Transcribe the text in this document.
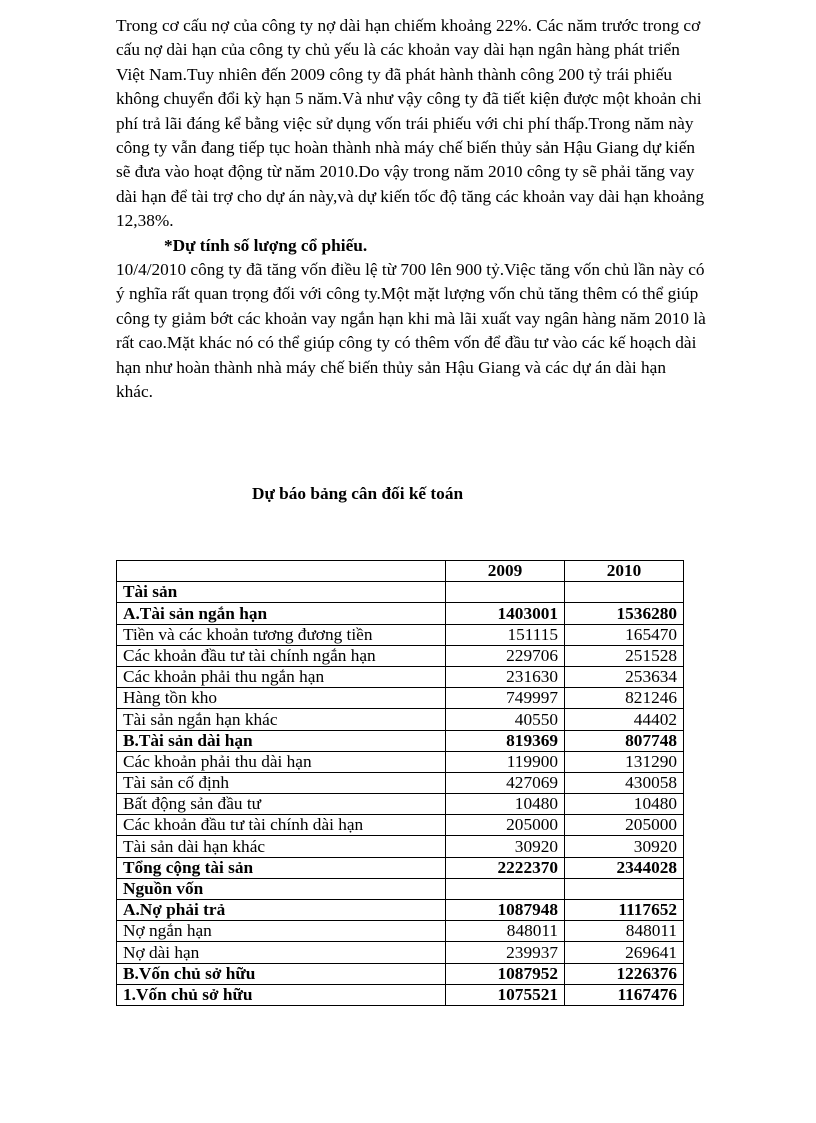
Trong cơ cấu nợ của công ty nợ dài hạn chiếm khoảng 22%. Các năm trước trong cơ cấu nợ dài hạn của công ty chủ yếu là các khoản vay dài hạn ngân hàng phát triển Việt Nam.Tuy nhiên đến 2009 công ty đã phát hành thành công 200 tỷ trái phiếu không chuyển đổi kỳ hạn 5 năm.Và như vậy công ty đã tiết kiện được một khoản chi phí trả lãi đáng kể bằng việc sử dụng vốn trái phiếu với chi phí thấp.Trong năm này công ty vẫn đang tiếp tục hoàn thành nhà máy chế biến thủy sản Hậu Giang dự kiến sẽ đưa vào hoạt động từ năm 2010.Do vậy trong năm 2010 công ty sẽ phải tăng vay dài hạn để tài trợ cho dự án này,và dự kiến tốc độ tăng các khoản vay dài hạn khoảng 12,38%.

*Dự tính số lượng cổ phiếu.

10/4/2010 công ty đã tăng vốn điều lệ từ 700 lên 900 tỷ.Việc tăng vốn chủ lần này có ý nghĩa rất quan trọng đối với công ty.Một mặt lượng vốn chủ tăng thêm có thể giúp công ty giảm bớt các khoản vay ngắn hạn khi mà lãi xuất vay ngân hàng năm 2010 là rất cao.Mặt khác nó có thể giúp công ty có thêm vốn để đầu tư vào các kế hoạch dài hạn như hoàn thành nhà máy chế biến thủy sản Hậu Giang và các dự án dài hạn khác.

Dự báo bảng cân đối kế toán
	2009	2010
Tài sản		
A.Tài sản ngắn hạn	1403001	1536280
Tiền và các khoản tương đương tiền	151115	165470
Các khoản đầu tư tài chính ngắn hạn	229706	251528
Các khoản phải thu ngắn hạn	231630	253634
Hàng tồn kho	749997	821246
Tài sản ngắn hạn khác	40550	44402
B.Tài sản dài hạn	819369	807748
Các khoản phải thu dài hạn	119900	131290
Tài sản cố định	427069	430058
Bất động sản đầu tư	10480	10480
Các khoản đầu tư tài chính dài hạn	205000	205000
Tài sản dài hạn khác	30920	30920
Tổng cộng tài sản	2222370	2344028
Nguồn vốn		
A.Nợ phải trả	1087948	1117652
Nợ ngắn hạn	848011	848011
Nợ dài hạn	239937	269641
B.Vốn chủ sở hữu	1087952	1226376
1.Vốn chủ sở hữu	1075521	1167476
